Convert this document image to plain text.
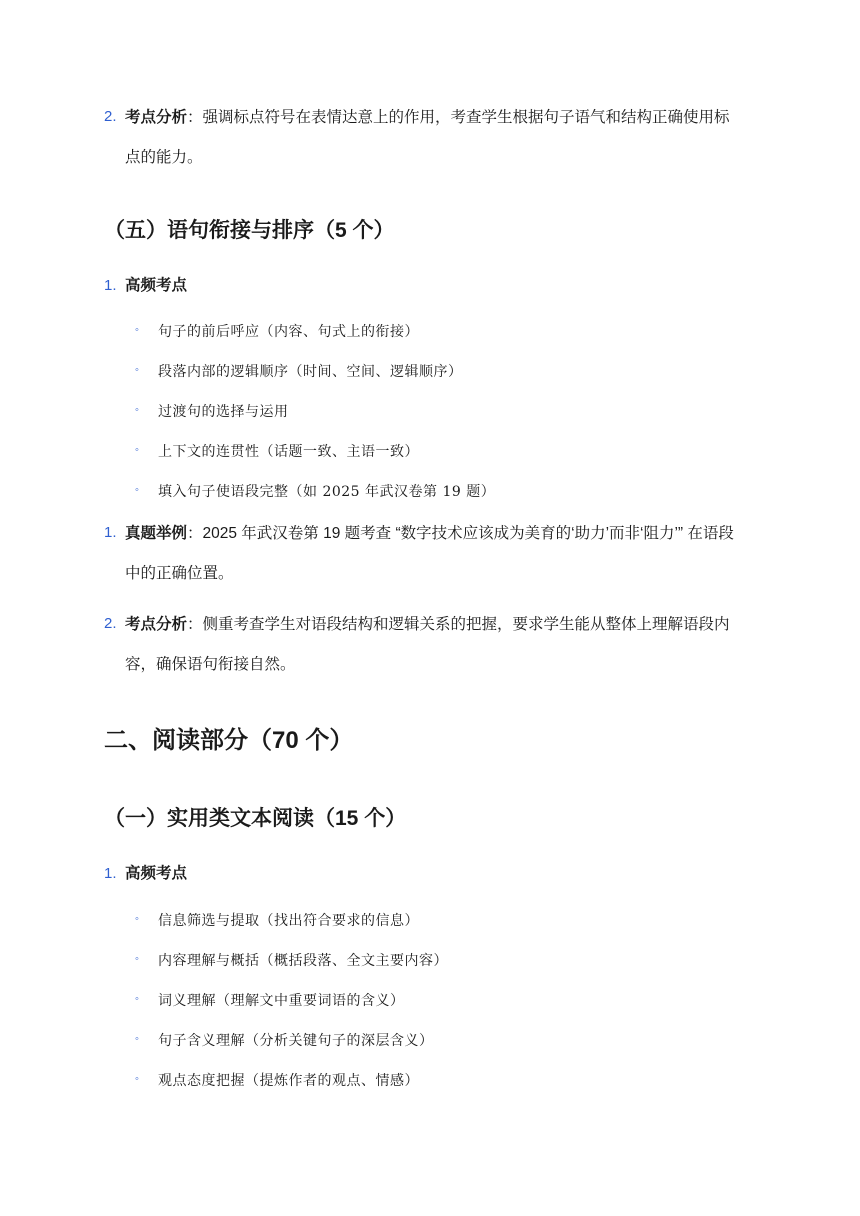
2. 考点分析：强调标点符号在表情达意上的作用，考查学生根据句子语气和结构正确使用标
点的能力。
（五）语句衔接与排序（5 个）
1. 高频考点
◦ 句子的前后呼应（内容、句式上的衔接）
◦ 段落内部的逻辑顺序（时间、空间、逻辑顺序）
◦ 过渡句的选择与运用
◦ 上下文的连贯性（话题一致、主语一致）
◦ 填入句子使语段完整（如 2025 年武汉卷第 19 题）
1. 真题举例：2025 年武汉卷第 19 题考查 “数字技术应该成为美育的‘助力’而非‘阻力’” 在语段
中的正确位置。
2. 考点分析：侧重考查学生对语段结构和逻辑关系的把握，要求学生能从整体上理解语段内
容，确保语句衔接自然。
二、阅读部分（70 个）
（一）实用类文本阅读（15 个）
1. 高频考点
◦ 信息筛选与提取（找出符合要求的信息）
◦ 内容理解与概括（概括段落、全文主要内容）
◦ 词义理解（理解文中重要词语的含义）
◦ 句子含义理解（分析关键句子的深层含义）
◦ 观点态度把握（提炼作者的观点、情感）
